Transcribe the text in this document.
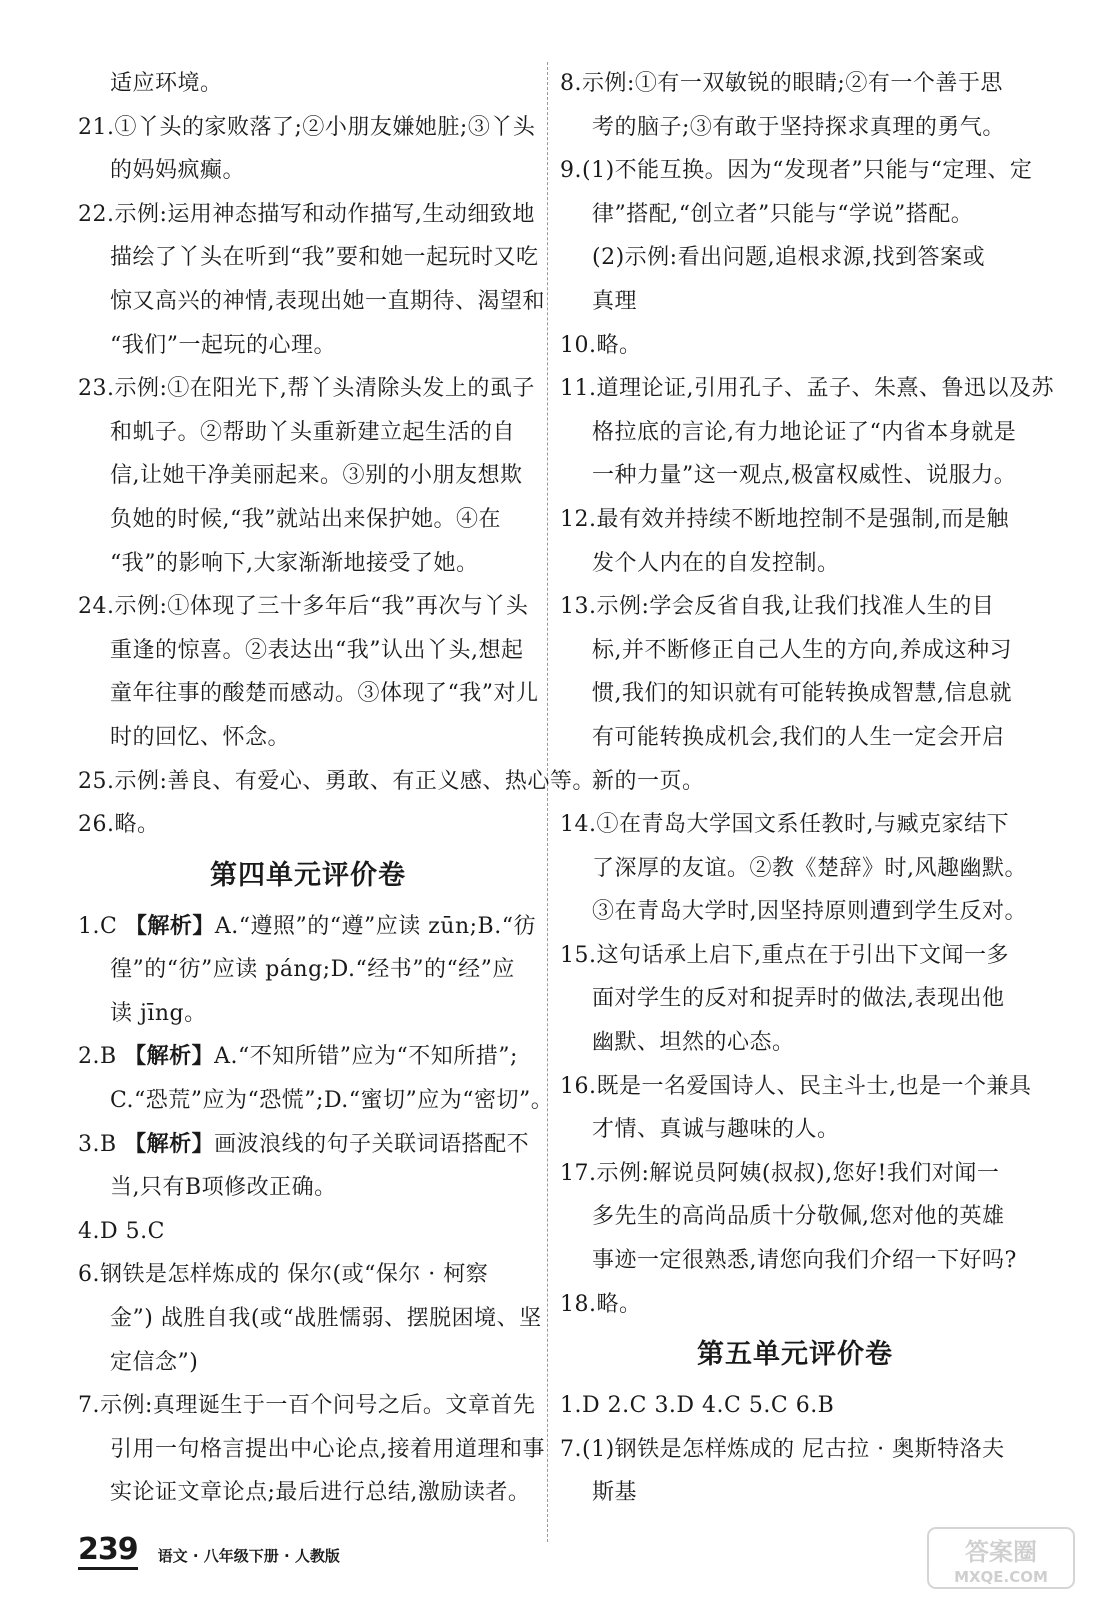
适应环境。
21.①丫头的家败落了;②小朋友嫌她脏;③丫头
的妈妈疯癫。
22.示例:运用神态描写和动作描写,生动细致地
描绘了丫头在听到“我”要和她一起玩时又吃
惊又高兴的神情,表现出她一直期待、渴望和
“我们”一起玩的心理。
23.示例:①在阳光下,帮丫头清除头发上的虱子
和虮子。②帮助丫头重新建立起生活的自
信,让她干净美丽起来。③别的小朋友想欺
负她的时候,“我”就站出来保护她。④在
“我”的影响下,大家渐渐地接受了她。
24.示例:①体现了三十多年后“我”再次与丫头
重逢的惊喜。②表达出“我”认出丫头,想起
童年往事的酸楚而感动。③体现了“我”对儿
时的回忆、怀念。
25.示例:善良、有爱心、勇敢、有正义感、热心等。
26.略。
第四单元评价卷
1.C 【解析】A.“遵照”的“遵”应读 zūn;B.“彷
徨”的“彷”应读 páng;D.“经书”的“经”应
读 jīng。
2.B 【解析】A.“不知所错”应为“不知所措”;
C.“恐荒”应为“恐慌”;D.“蜜切”应为“密切”。
3.B 【解析】画波浪线的句子关联词语搭配不
当,只有B项修改正确。
4.D 5.C
6.钢铁是怎样炼成的 保尔(或“保尔 · 柯察
金”) 战胜自我(或“战胜懦弱、摆脱困境、坚
定信念”)
7.示例:真理诞生于一百个问号之后。文章首先
引用一句格言提出中心论点,接着用道理和事
实论证文章论点;最后进行总结,激励读者。
8.示例:①有一双敏锐的眼睛;②有一个善于思
考的脑子;③有敢于坚持探求真理的勇气。
9.(1)不能互换。因为“发现者”只能与“定理、定
律”搭配,“创立者”只能与“学说”搭配。
(2)示例:看出问题,追根求源,找到答案或
真理
10.略。
11.道理论证,引用孔子、孟子、朱熹、鲁迅以及苏
格拉底的言论,有力地论证了“内省本身就是
一种力量”这一观点,极富权威性、说服力。
12.最有效并持续不断地控制不是强制,而是触
发个人内在的自发控制。
13.示例:学会反省自我,让我们找准人生的目
标,并不断修正自己人生的方向,养成这种习
惯,我们的知识就有可能转换成智慧,信息就
有可能转换成机会,我们的人生一定会开启
新的一页。
14.①在青岛大学国文系任教时,与臧克家结下
了深厚的友谊。②教《楚辞》时,风趣幽默。
③在青岛大学时,因坚持原则遭到学生反对。
15.这句话承上启下,重点在于引出下文闻一多
面对学生的反对和捉弄时的做法,表现出他
幽默、坦然的心态。
16.既是一名爱国诗人、民主斗士,也是一个兼具
才情、真诚与趣味的人。
17.示例:解说员阿姨(叔叔),您好!我们对闻一
多先生的高尚品质十分敬佩,您对他的英雄
事迹一定很熟悉,请您向我们介绍一下好吗?
18.略。
第五单元评价卷
1.D 2.C 3.D 4.C 5.C 6.B
7.(1)钢铁是怎样炼成的 尼古拉 · 奥斯特洛夫
斯基
239 语文 · 八年级下册 · 人教版	答案圈
MXQE.COM
